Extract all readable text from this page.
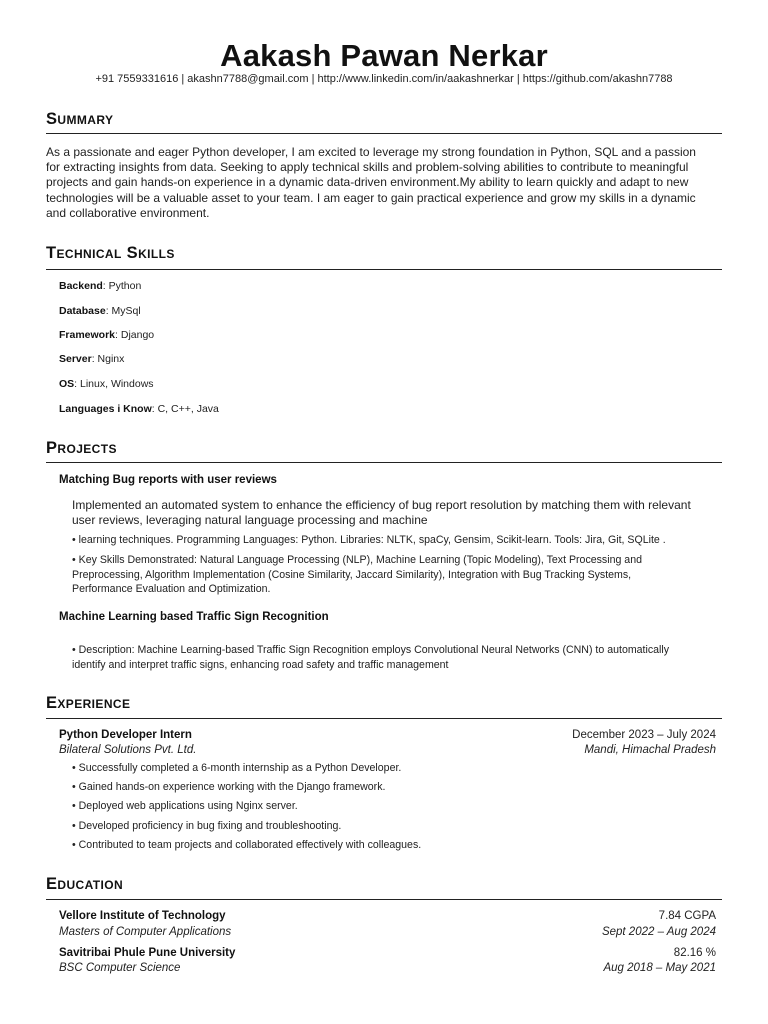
Aakash Pawan Nerkar
+91 7559331616 | akashn7788@gmail.com | http://www.linkedin.com/in/aakashnerkar | https://github.com/akashn7788
Summary
As a passionate and eager Python developer, I am excited to leverage my strong foundation in Python, SQL and a passion
for extracting insights from data. Seeking to apply technical skills and problem-solving abilities to contribute to meaningful
projects and gain hands-on experience in a dynamic data-driven environment.My ability to learn quickly and adapt to new
technologies will be a valuable asset to your team. I am eager to gain practical experience and grow my skills in a dynamic
and collaborative environment.
Technical Skills
Backend: Python
Database: MySql
Framework: Django
Server: Nginx
OS: Linux, Windows
Languages i Know: C, C++, Java
Projects
Matching Bug reports with user reviews
Implemented an automated system to enhance the efficiency of bug report resolution by matching them with relevant
user reviews, leveraging natural language processing and machine
• learning techniques. Programming Languages: Python. Libraries: NLTK, spaCy, Gensim, Scikit-learn. Tools: Jira, Git, SQLite .
• Key Skills Demonstrated: Natural Language Processing (NLP), Machine Learning (Topic Modeling), Text Processing and
Preprocessing, Algorithm Implementation (Cosine Similarity, Jaccard Similarity), Integration with Bug Tracking Systems,
Performance Evaluation and Optimization.
Machine Learning based Traffic Sign Recognition
• Description: Machine Learning-based Traffic Sign Recognition employs Convolutional Neural Networks (CNN) to automatically
identify and interpret traffic signs, enhancing road safety and traffic management
Experience
Python Developer Intern	December 2023 – July 2024
Bilateral Solutions Pvt. Ltd.	Mandi, Himachal Pradesh
• Successfully completed a 6-month internship as a Python Developer.
• Gained hands-on experience working with the Django framework.
• Deployed web applications using Nginx server.
• Developed proficiency in bug fixing and troubleshooting.
• Contributed to team projects and collaborated effectively with colleagues.
Education
Vellore Institute of Technology	7.84 CGPA
Masters of Computer Applications	Sept 2022 – Aug 2024
Savitribai Phule Pune University	82.16 %
BSC Computer Science	Aug 2018 – May 2021
